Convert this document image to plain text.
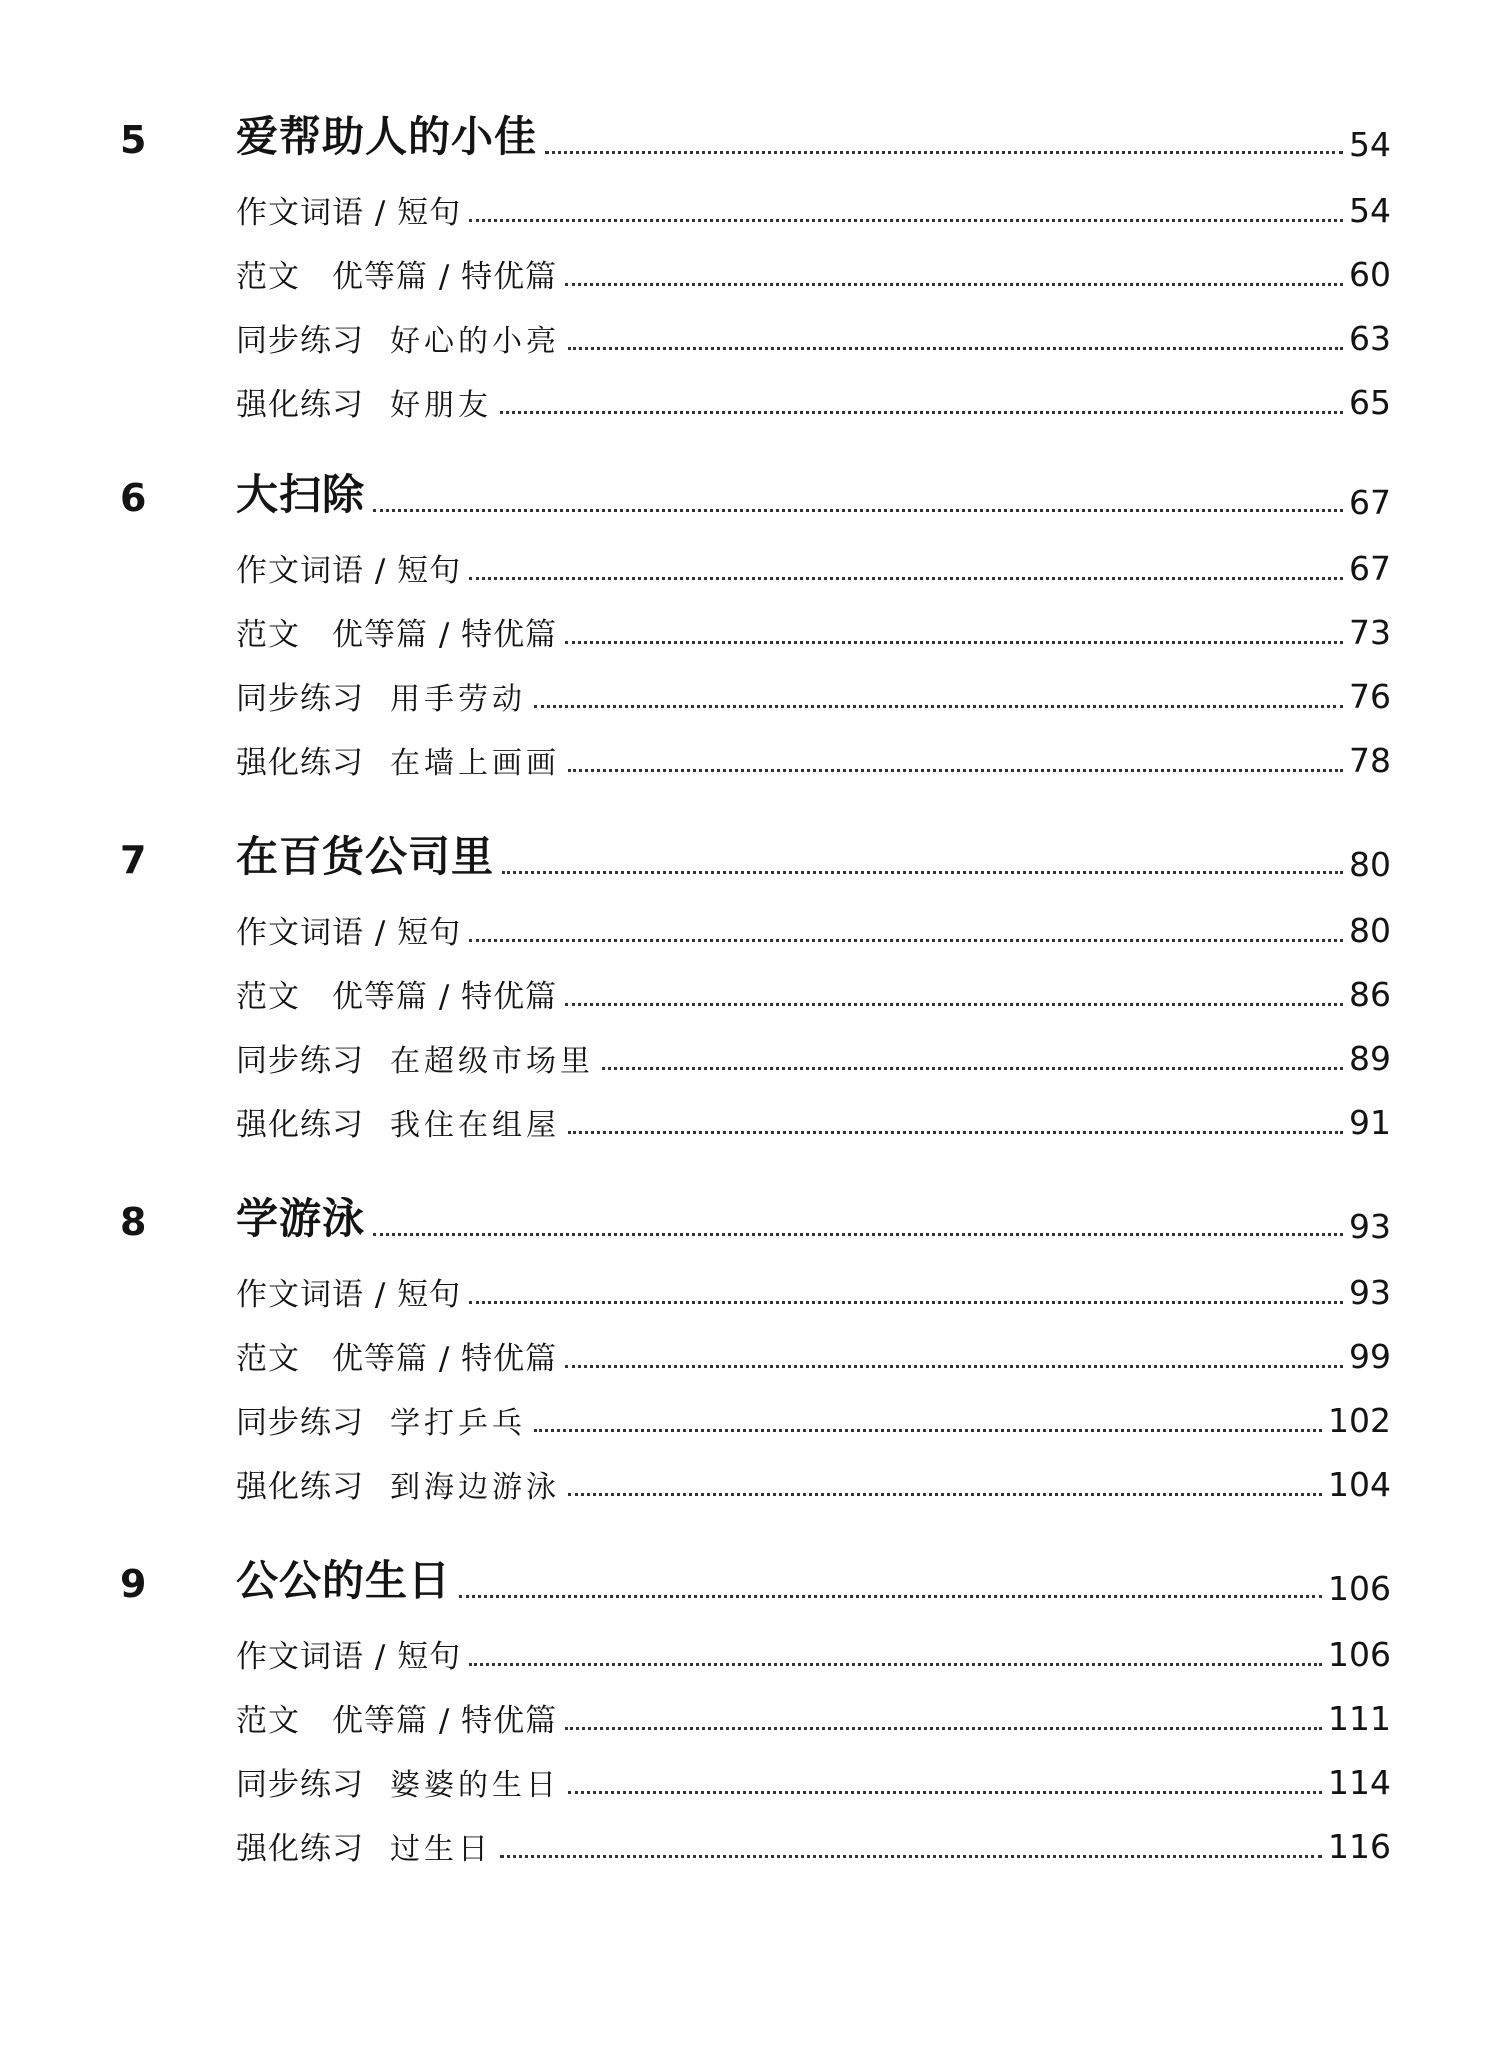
5 爱帮助人的小佳	54
作文词语 / 短句	54
范文　优等篇 / 特优篇	60
同步练习 好心的小亮	63
强化练习 好朋友	65
6 大扫除	67
作文词语 / 短句	67
范文　优等篇 / 特优篇	73
同步练习 用手劳动	76
强化练习 在墙上画画	78
7 在百货公司里	80
作文词语 / 短句	80
范文　优等篇 / 特优篇	86
同步练习 在超级市场里	89
强化练习 我住在组屋	91
8 学游泳	93
作文词语 / 短句	93
范文　优等篇 / 特优篇	99
同步练习 学打乒乓	102
强化练习 到海边游泳	104
9 公公的生日	106
作文词语 / 短句	106
范文　优等篇 / 特优篇	111
同步练习 婆婆的生日	114
强化练习 过生日	116
